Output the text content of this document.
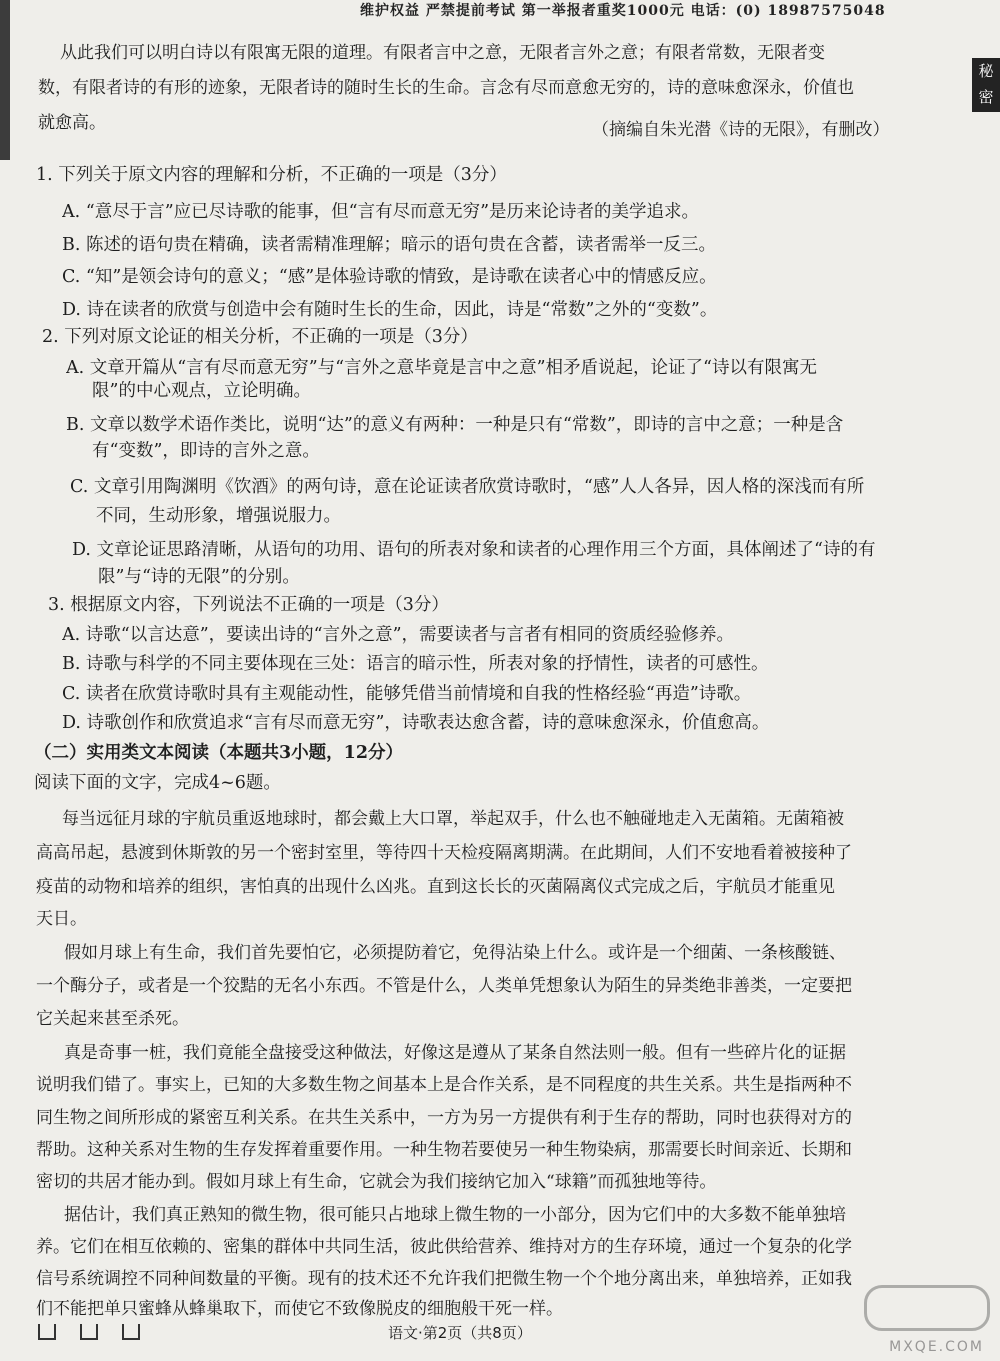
维护权益 严禁提前考试 第一举报者重奖1000元 电话：(0) 18987575048
秘密
从此我们可以明白诗以有限寓无限的道理。有限者言中之意，无限者言外之意；有限者常数，无限者变
数，有限者诗的有形的迹象，无限者诗的随时生长的生命。言念有尽而意愈无穷的，诗的意味愈深永，价值也
就愈高。	（摘编自朱光潜《诗的无限》，有删改）
1. 下列关于原文内容的理解和分析，不正确的一项是（3分）
A. “意尽于言”应已尽诗歌的能事，但“言有尽而意无穷”是历来论诗者的美学追求。
B. 陈述的语句贵在精确，读者需精准理解；暗示的语句贵在含蓄，读者需举一反三。
C. “知”是领会诗句的意义；“感”是体验诗歌的情致，是诗歌在读者心中的情感反应。
D. 诗在读者的欣赏与创造中会有随时生长的生命，因此，诗是“常数”之外的“变数”。
2. 下列对原文论证的相关分析，不正确的一项是（3分）
A. 文章开篇从“言有尽而意无穷”与“言外之意毕竟是言中之意”相矛盾说起，论证了“诗以有限寓无
限”的中心观点，立论明确。
B. 文章以数学术语作类比，说明“达”的意义有两种：一种是只有“常数”，即诗的言中之意；一种是含
有“变数”，即诗的言外之意。
C. 文章引用陶渊明《饮酒》的两句诗，意在论证读者欣赏诗歌时，“感”人人各异，因人格的深浅而有所
不同，生动形象，增强说服力。
D. 文章论证思路清晰，从语句的功用、语句的所表对象和读者的心理作用三个方面，具体阐述了“诗的有
限”与“诗的无限”的分别。
3. 根据原文内容，下列说法不正确的一项是（3分）
A. 诗歌“以言达意”，要读出诗的“言外之意”，需要读者与言者有相同的资质经验修养。
B. 诗歌与科学的不同主要体现在三处：语言的暗示性，所表对象的抒情性，读者的可感性。
C. 读者在欣赏诗歌时具有主观能动性，能够凭借当前情境和自我的性格经验“再造”诗歌。
D. 诗歌创作和欣赏追求“言有尽而意无穷”，诗歌表达愈含蓄，诗的意味愈深永，价值愈高。
（二）实用类文本阅读（本题共3小题，12分）
阅读下面的文字，完成4~6题。
每当远征月球的宇航员重返地球时，都会戴上大口罩，举起双手，什么也不触碰地走入无菌箱。无菌箱被
高高吊起，悬渡到休斯敦的另一个密封室里，等待四十天检疫隔离期满。在此期间，人们不安地看着被接种了
疫苗的动物和培养的组织，害怕真的出现什么凶兆。直到这长长的灭菌隔离仪式完成之后，宇航员才能重见
天日。
假如月球上有生命，我们首先要怕它，必须提防着它，免得沾染上什么。或许是一个细菌、一条核酸链、
一个酶分子，或者是一个狡黠的无名小东西。不管是什么，人类单凭想象认为陌生的异类绝非善类，一定要把
它关起来甚至杀死。
真是奇事一桩，我们竟能全盘接受这种做法，好像这是遵从了某条自然法则一般。但有一些碎片化的证据
说明我们错了。事实上，已知的大多数生物之间基本上是合作关系，是不同程度的共生关系。共生是指两种不
同生物之间所形成的紧密互利关系。在共生关系中，一方为另一方提供有利于生存的帮助，同时也获得对方的
帮助。这种关系对生物的生存发挥着重要作用。一种生物若要使另一种生物染病，那需要长时间亲近、长期和
密切的共居才能办到。假如月球上有生命，它就会为我们接纳它加入“球籍”而孤独地等待。
据估计，我们真正熟知的微生物，很可能只占地球上微生物的一小部分，因为它们中的大多数不能单独培
养。它们在相互依赖的、密集的群体中共同生活，彼此供给营养、维持对方的生存环境，通过一个复杂的化学
信号系统调控不同种间数量的平衡。现有的技术还不允许我们把微生物一个个地分离出来，单独培养，正如我
们不能把单只蜜蜂从蜂巢取下，而使它不致像脱皮的细胞般干死一样。
语文·第2页（共8页）
MXQE.COM
